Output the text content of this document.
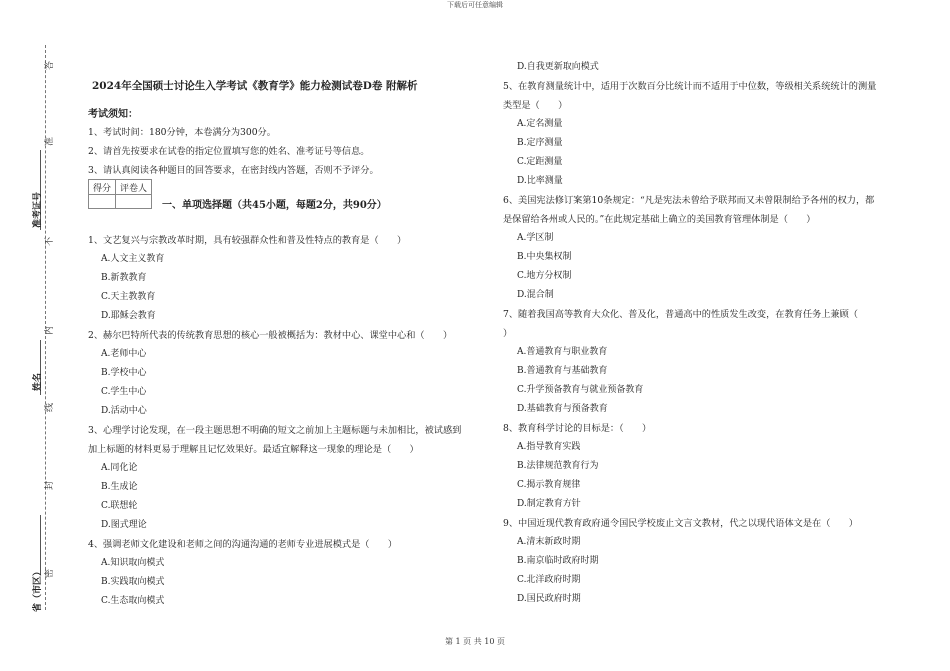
下载后可任意编辑
答
准
不
内
线
封
密
准考证号
姓名
省（市区）
2024年全国硕士讨论生入学考试《教育学》能力检测试卷D卷 附解析
考试须知：
1、考试时间：180分钟，本卷满分为300分。
2、请首先按要求在试卷的指定位置填写您的姓名、准考证号等信息。
3、请认真阅读各种题目的回答要求，在密封线内答题，否则不予评分。
得分	评卷人

一、单项选择题（共45小题，每题2分，共90分）
1、文艺复兴与宗教改革时期，具有较强群众性和普及性特点的教育是（　　）
A.人文主义教育
B.新教教育
C.天主教教育
D.耶稣会教育
2、赫尔巴特所代表的传统教育思想的核心一般被概括为：教材中心、课堂中心和（　　）
A.老师中心
B.学校中心
C.学生中心
D.活动中心
3、心理学讨论发现，在一段主题思想不明确的短文之前加上主题标题与未加相比，被试感到
加上标题的材料更易于理解且记忆效果好。最适宜解释这一现象的理论是（　　）
A.同化论
B.生成论
C.联想轮
D.图式理论
4、强调老师文化建设和老师之间的沟通沟通的老师专业进展模式是（　　）
A.知识取向模式
B.实践取向模式
C.生态取向模式
D.自我更新取向模式
5、在教育测量统计中，适用于次数百分比统计而不适用于中位数，等级相关系统统计的测量
类型是（　　）
A.定名测量
B.定序测量
C.定距测量
D.比率测量
6、美国宪法修订案第10条规定：“凡是宪法未曾给予联邦而又未曾限制给予各州的权力，都
是保留给各州或人民的。”在此规定基础上确立的美国教育管理体制是（　　）
A.学区制
B.中央集权制
C.地方分权制
D.混合制
7、随着我国高等教育大众化、普及化，普通高中的性质发生改变，在教育任务上兼顾（
）
A.普通教育与职业教育
B.普通教育与基础教育
C.升学预备教育与就业预备教育
D.基础教育与预备教育
8、教育科学讨论的目标是：（　　）
A.指导教育实践
B.法律规范教育行为
C.揭示教育规律
D.制定教育方针
9、中国近现代教育政府通令国民学校废止文言文教材，代之以现代语体文是在（　　）
A.清末新政时期
B.南京临时政府时期
C.北洋政府时期
D.国民政府时期
第 1 页 共 10 页
